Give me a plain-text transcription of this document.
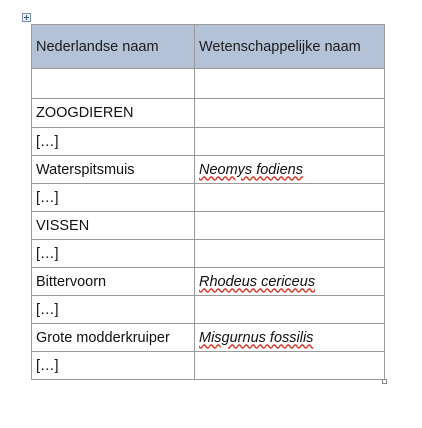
Nederlandse naam	Wetenschappelijke naam

ZOOGDIEREN	
[…]	
Waterspitsmuis	Neomys fodiens
[…]	
VISSEN	
[…]	
Bittervoorn	Rhodeus cericeus
[…]	
Grote modderkruiper	Misgurnus fossilis
[…]	
